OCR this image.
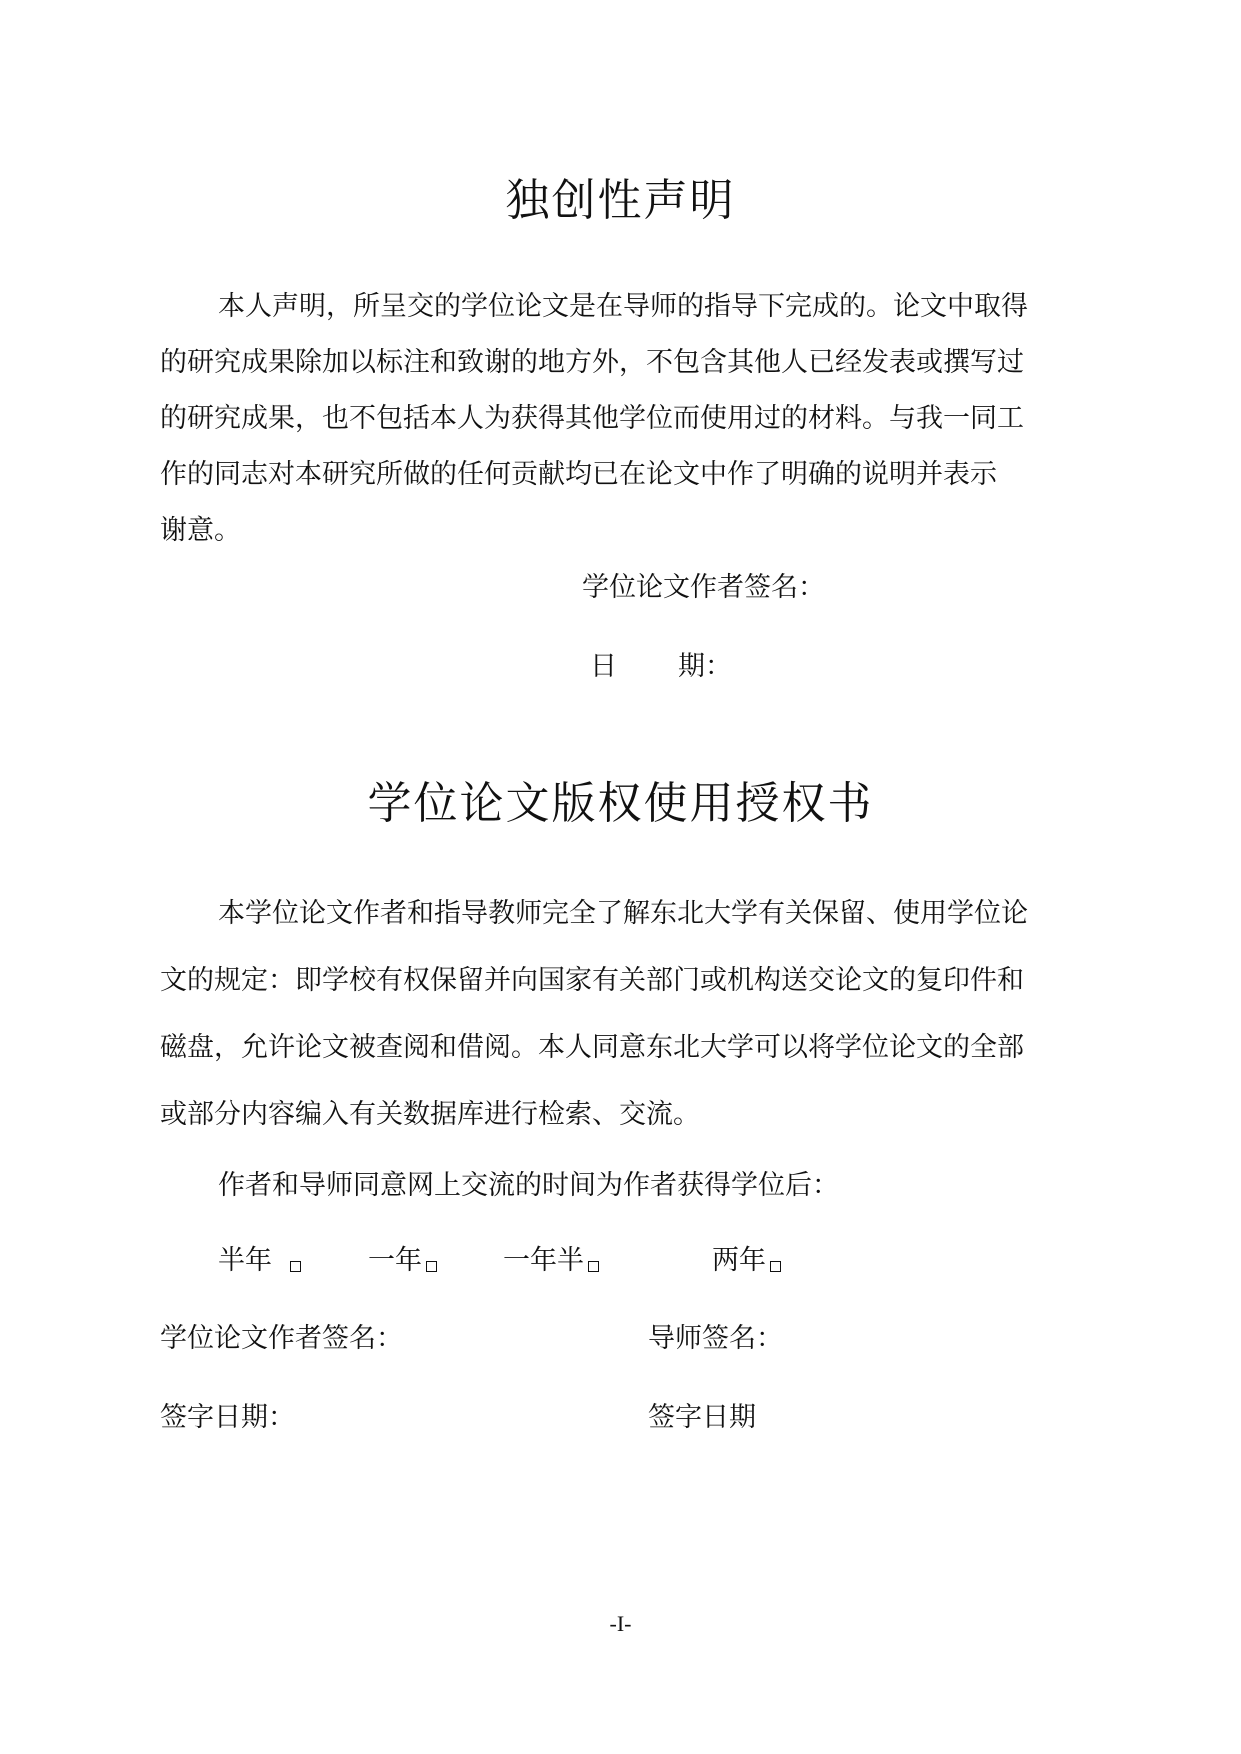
独创性声明
本人声明，所呈交的学位论文是在导师的指导下完成的。论文中取得
的研究成果除加以标注和致谢的地方外，不包含其他人已经发表或撰写过
的研究成果，也不包括本人为获得其他学位而使用过的材料。与我一同工
作的同志对本研究所做的任何贡献均已在论文中作了明确的说明并表示
谢意。
学位论文作者签名：
日 期：
学位论文版权使用授权书
本学位论文作者和指导教师完全了解东北大学有关保留、使用学位论
文的规定：即学校有权保留并向国家有关部门或机构送交论文的复印件和
磁盘，允许论文被查阅和借阅。本人同意东北大学可以将学位论文的全部
或部分内容编入有关数据库进行检索、交流。
作者和导师同意网上交流的时间为作者获得学位后：
半年	一年	一年半	两年
学位论文作者签名：	导师签名：
签字日期：	签字日期
-I-
